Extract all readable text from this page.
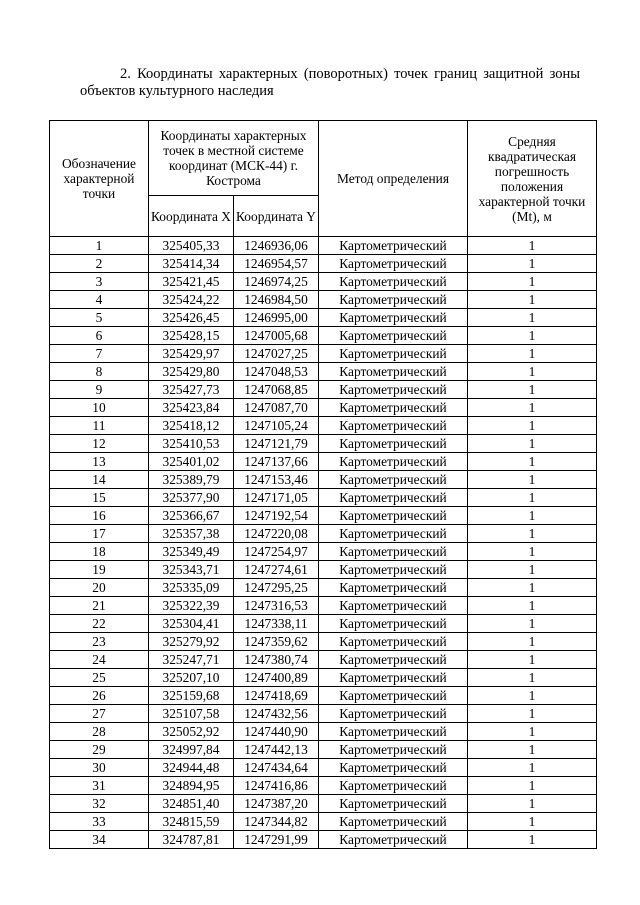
2. Координаты характерных (поворотных) точек границ защитной зоны объектов культурного наследия
Обозначение характерной точки	Координаты характерных точек в местной системе координат (МСК-44) г. Кострома		Метод определения	Средняя квадратическая погрешность положения характерной точки (Mt), м
	Координата X	Координата Y		
1	325405,33	1246936,06	Картометрический	1
2	325414,34	1246954,57	Картометрический	1
3	325421,45	1246974,25	Картометрический	1
4	325424,22	1246984,50	Картометрический	1
5	325426,45	1246995,00	Картометрический	1
6	325428,15	1247005,68	Картометрический	1
7	325429,97	1247027,25	Картометрический	1
8	325429,80	1247048,53	Картометрический	1
9	325427,73	1247068,85	Картометрический	1
10	325423,84	1247087,70	Картометрический	1
11	325418,12	1247105,24	Картометрический	1
12	325410,53	1247121,79	Картометрический	1
13	325401,02	1247137,66	Картометрический	1
14	325389,79	1247153,46	Картометрический	1
15	325377,90	1247171,05	Картометрический	1
16	325366,67	1247192,54	Картометрический	1
17	325357,38	1247220,08	Картометрический	1
18	325349,49	1247254,97	Картометрический	1
19	325343,71	1247274,61	Картометрический	1
20	325335,09	1247295,25	Картометрический	1
21	325322,39	1247316,53	Картометрический	1
22	325304,41	1247338,11	Картометрический	1
23	325279,92	1247359,62	Картометрический	1
24	325247,71	1247380,74	Картометрический	1
25	325207,10	1247400,89	Картометрический	1
26	325159,68	1247418,69	Картометрический	1
27	325107,58	1247432,56	Картометрический	1
28	325052,92	1247440,90	Картометрический	1
29	324997,84	1247442,13	Картометрический	1
30	324944,48	1247434,64	Картометрический	1
31	324894,95	1247416,86	Картометрический	1
32	324851,40	1247387,20	Картометрический	1
33	324815,59	1247344,82	Картометрический	1
34	324787,81	1247291,99	Картометрический	1
